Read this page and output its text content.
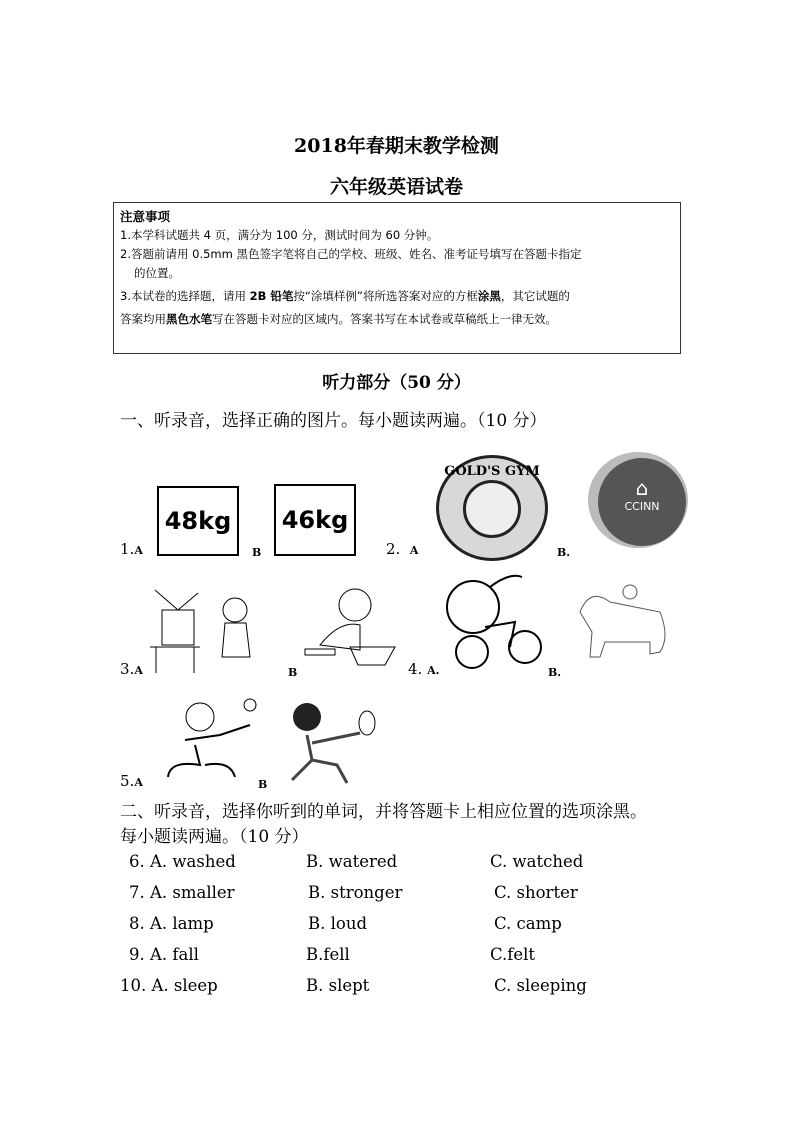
2018年春期末教学检测
六年级英语试卷
注意事项
1.本学科试题共 4 页，满分为 100 分，测试时间为 60 分钟。
2.答题前请用 0.5mm 黑色签字笔将自己的学校、班级、姓名、准考证号填写在答题卡指定
的位置。
3.本试卷的选择题，请用 2B 铅笔按“涂填样例”将所选答案对应的方框涂黑，其它试题的
答案均用黑色水笔写在答题卡对应的区域内。答案书写在本试卷或草稿纸上一律无效。
听力部分（50 分）
一、听录音，选择正确的图片。每小题读两遍。（10 分）
1.A
48kg
B
46kg
2. A
GOLD'S GYM
B.
⌂
CCINN
3.A	B	4. A.	B.
5.A	B
二、听录音，选择你听到的单词，并将答题卡上相应位置的选项涂黑。
每小题读两遍。（10 分）
6. A. washed	B. watered	C. watched
7. A. smaller	B. stronger	C. shorter
8. A. lamp	B. loud	C. camp
9. A. fall	B.fell	C.felt
10. A. sleep	B. slept	C. sleeping
